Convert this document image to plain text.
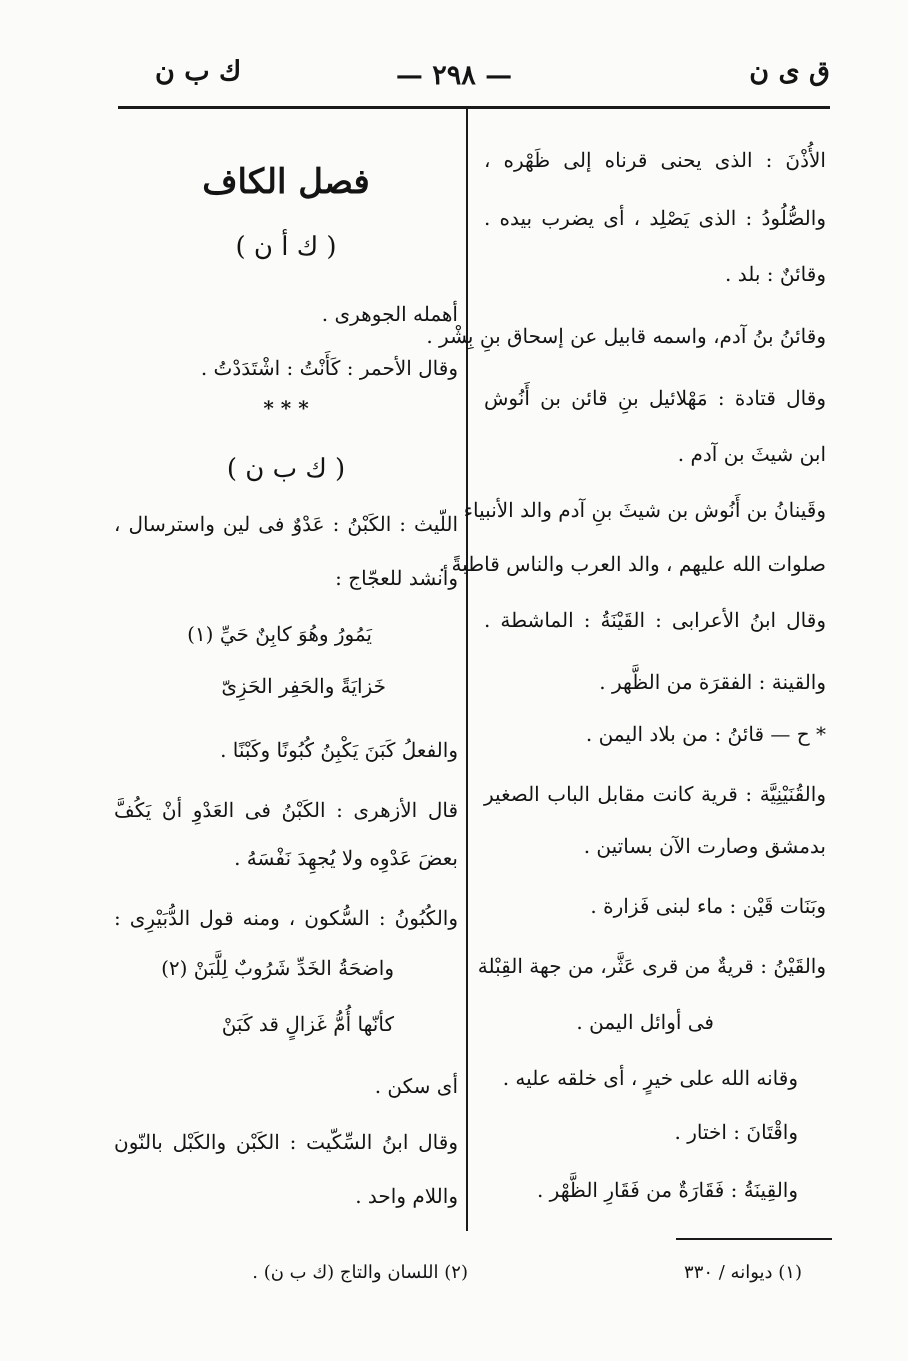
ق ى ن
— ٢٩٨ —
ك ب ن
الأُذْنَ : الذى يحنى قرناه إلى ظَهْره ،
والصُّلُودُ : الذى يَصْلِد ، أى يضرب بيده .
وقائنٌ : بلد .
وقائنُ بنُ آدم، واسمه قابيل عن إسحاق بنِ بِشْر .
وقال قتادة : مَهْلائيل بنِ قائن بن أَنُوش
ابن شيثَ بن آدم .
وقَينانُ بن أَنُوش بن شيثَ بنِ آدم والد الأنبياء
صلوات الله عليهم ، والد العرب والناس قاطبةً .
وقال ابنُ الأعرابى : القَيْنَةُ : الماشطة .
والقينة : الفقرَة من الظَّهر .
* ح — قائنُ : من بلاد اليمن .
والقُنَيْنِيَّة : قرية كانت مقابل الباب الصغير
بدمشق وصارت الآن بساتين .
وبَنَات قَيْن : ماء لبنى فَزارة .
والقَيْنُ : قريةٌ من قرى عَثَّر، من جهة القِبْلة
فى أوائل اليمن .
وقانه الله على خيرٍ ، أى خلقه عليه .
واقْتَانَ : اختار .
والقِينَةُ : فَقَارَةٌ من فَقَارِ الظَّهْر .
فصل الكاف
( ك أ ن )
أهمله الجوهرى .
وقال الأحمر : كَأَنْتُ : اشْتَدَدْتُ .
* * *
( ك ب ن )
اللّيث : الكَبْنُ : عَدْوٌ فى لين واسترسال ،
وأنشد للعجّاج :
يَمُورُ وهُوَ كابِنٌ حَيِّ (١)
خَزايَةً والحَفِر الحَزِىّ
والفعلُ كَبَنَ يَكْبِنُ كُبُونًا وكَبْنًا .
قال الأزهرى : الكَبْنُ فى العَدْوِ أنْ يَكُفَّ
بعضَ عَدْوِه ولا يُجهِدَ نَفْسَهُ .
والكُبُونُ : السُّكون ، ومنه قول الدُّبَيْرِى :
واضحَةُ الخَدِّ شَرُوبٌ لِلَّبَنْ (٢)
كأنّها أُمُّ غَزالٍ قد كَبَنْ
أى سكن .
وقال ابنُ السِّكّيت : الكَبْن والكَبْل بالنّون
واللام واحد .
(١) ديوانه / ٣٣٠
(٢) اللسان والتاج (ك ب ن) .
